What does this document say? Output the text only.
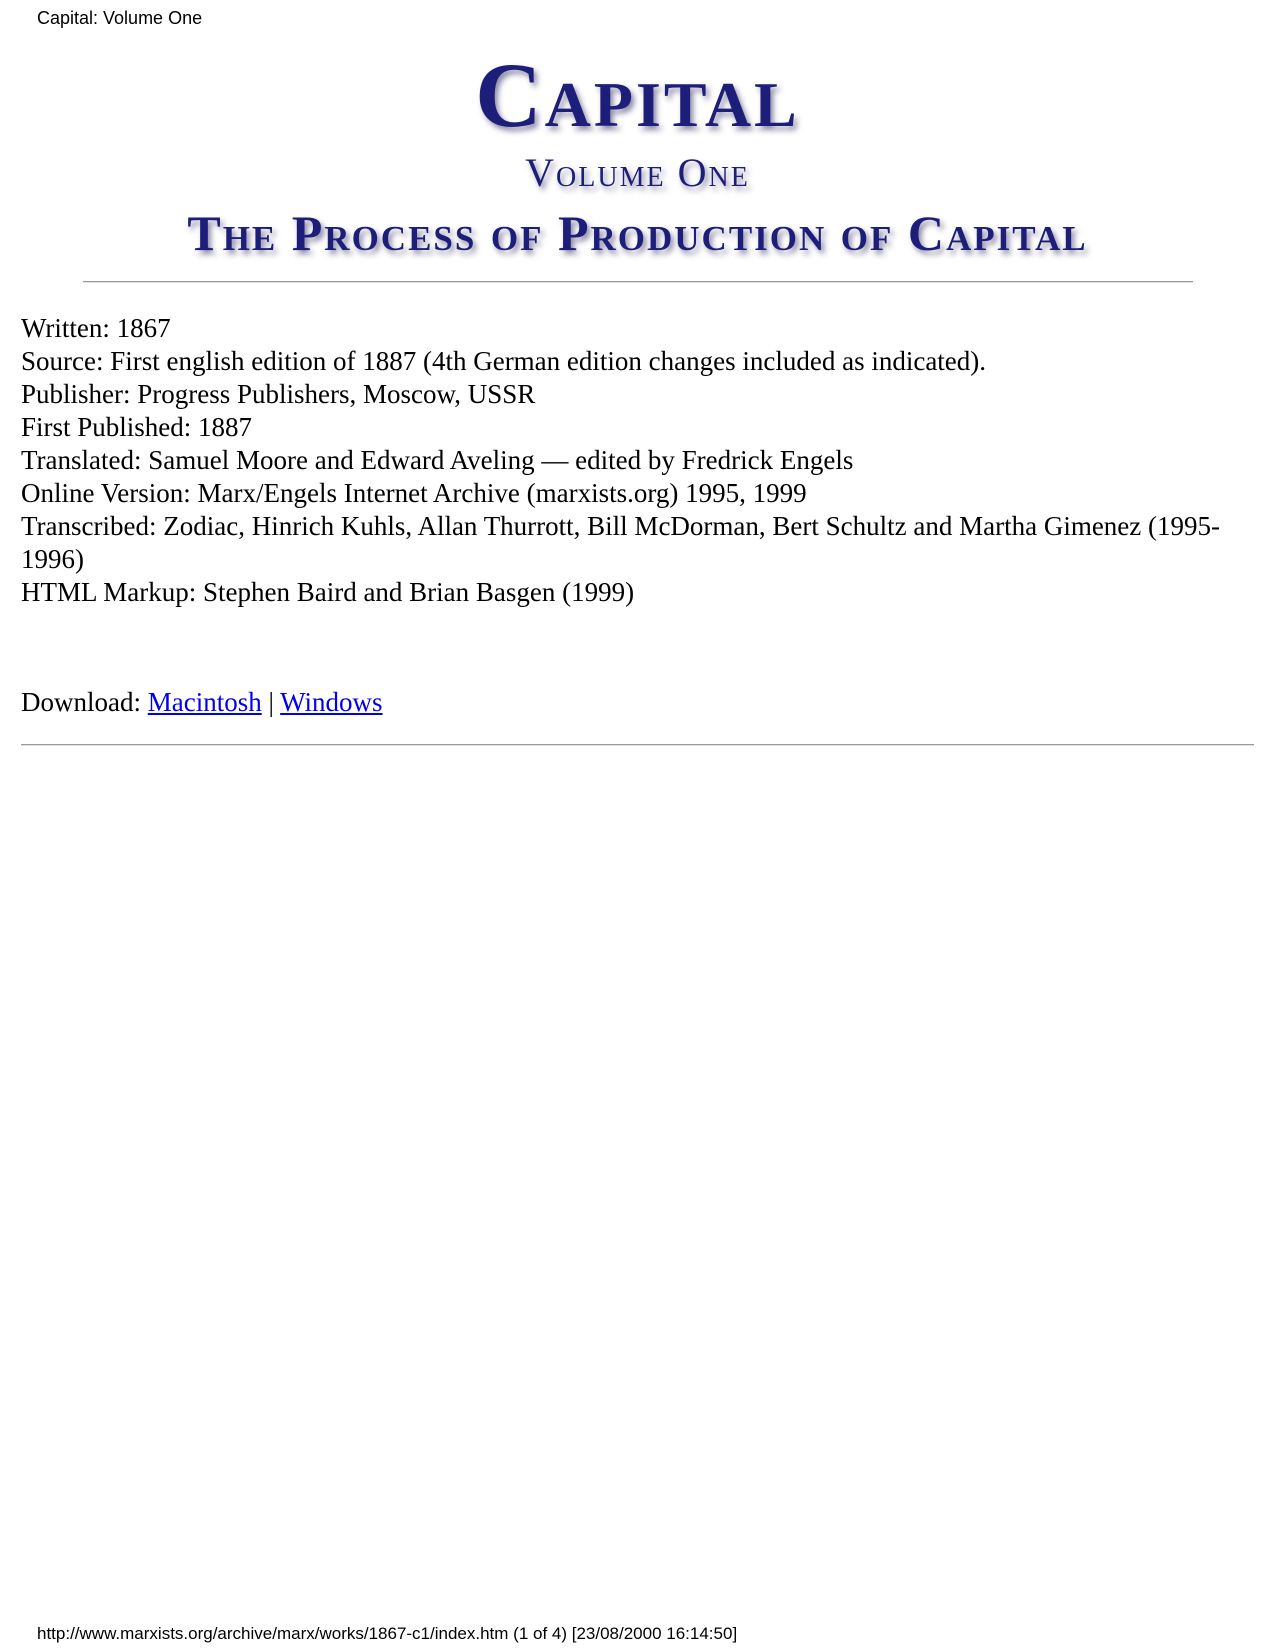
Capital: Volume One
Capital
Volume One
The Process of Production of Capital
Written: 1867
Source: First english edition of 1887 (4th German edition changes included as indicated).
Publisher: Progress Publishers, Moscow, USSR
First Published: 1887
Translated: Samuel Moore and Edward Aveling — edited by Fredrick Engels
Online Version: Marx/Engels Internet Archive (marxists.org) 1995, 1999
Transcribed: Zodiac, Hinrich Kuhls, Allan Thurrott, Bill McDorman, Bert Schultz and Martha Gimenez (1995-1996)
HTML Markup: Stephen Baird and Brian Basgen (1999)
Download: Macintosh | Windows
http://www.marxists.org/archive/marx/works/1867-c1/index.htm (1 of 4) [23/08/2000 16:14:50]
